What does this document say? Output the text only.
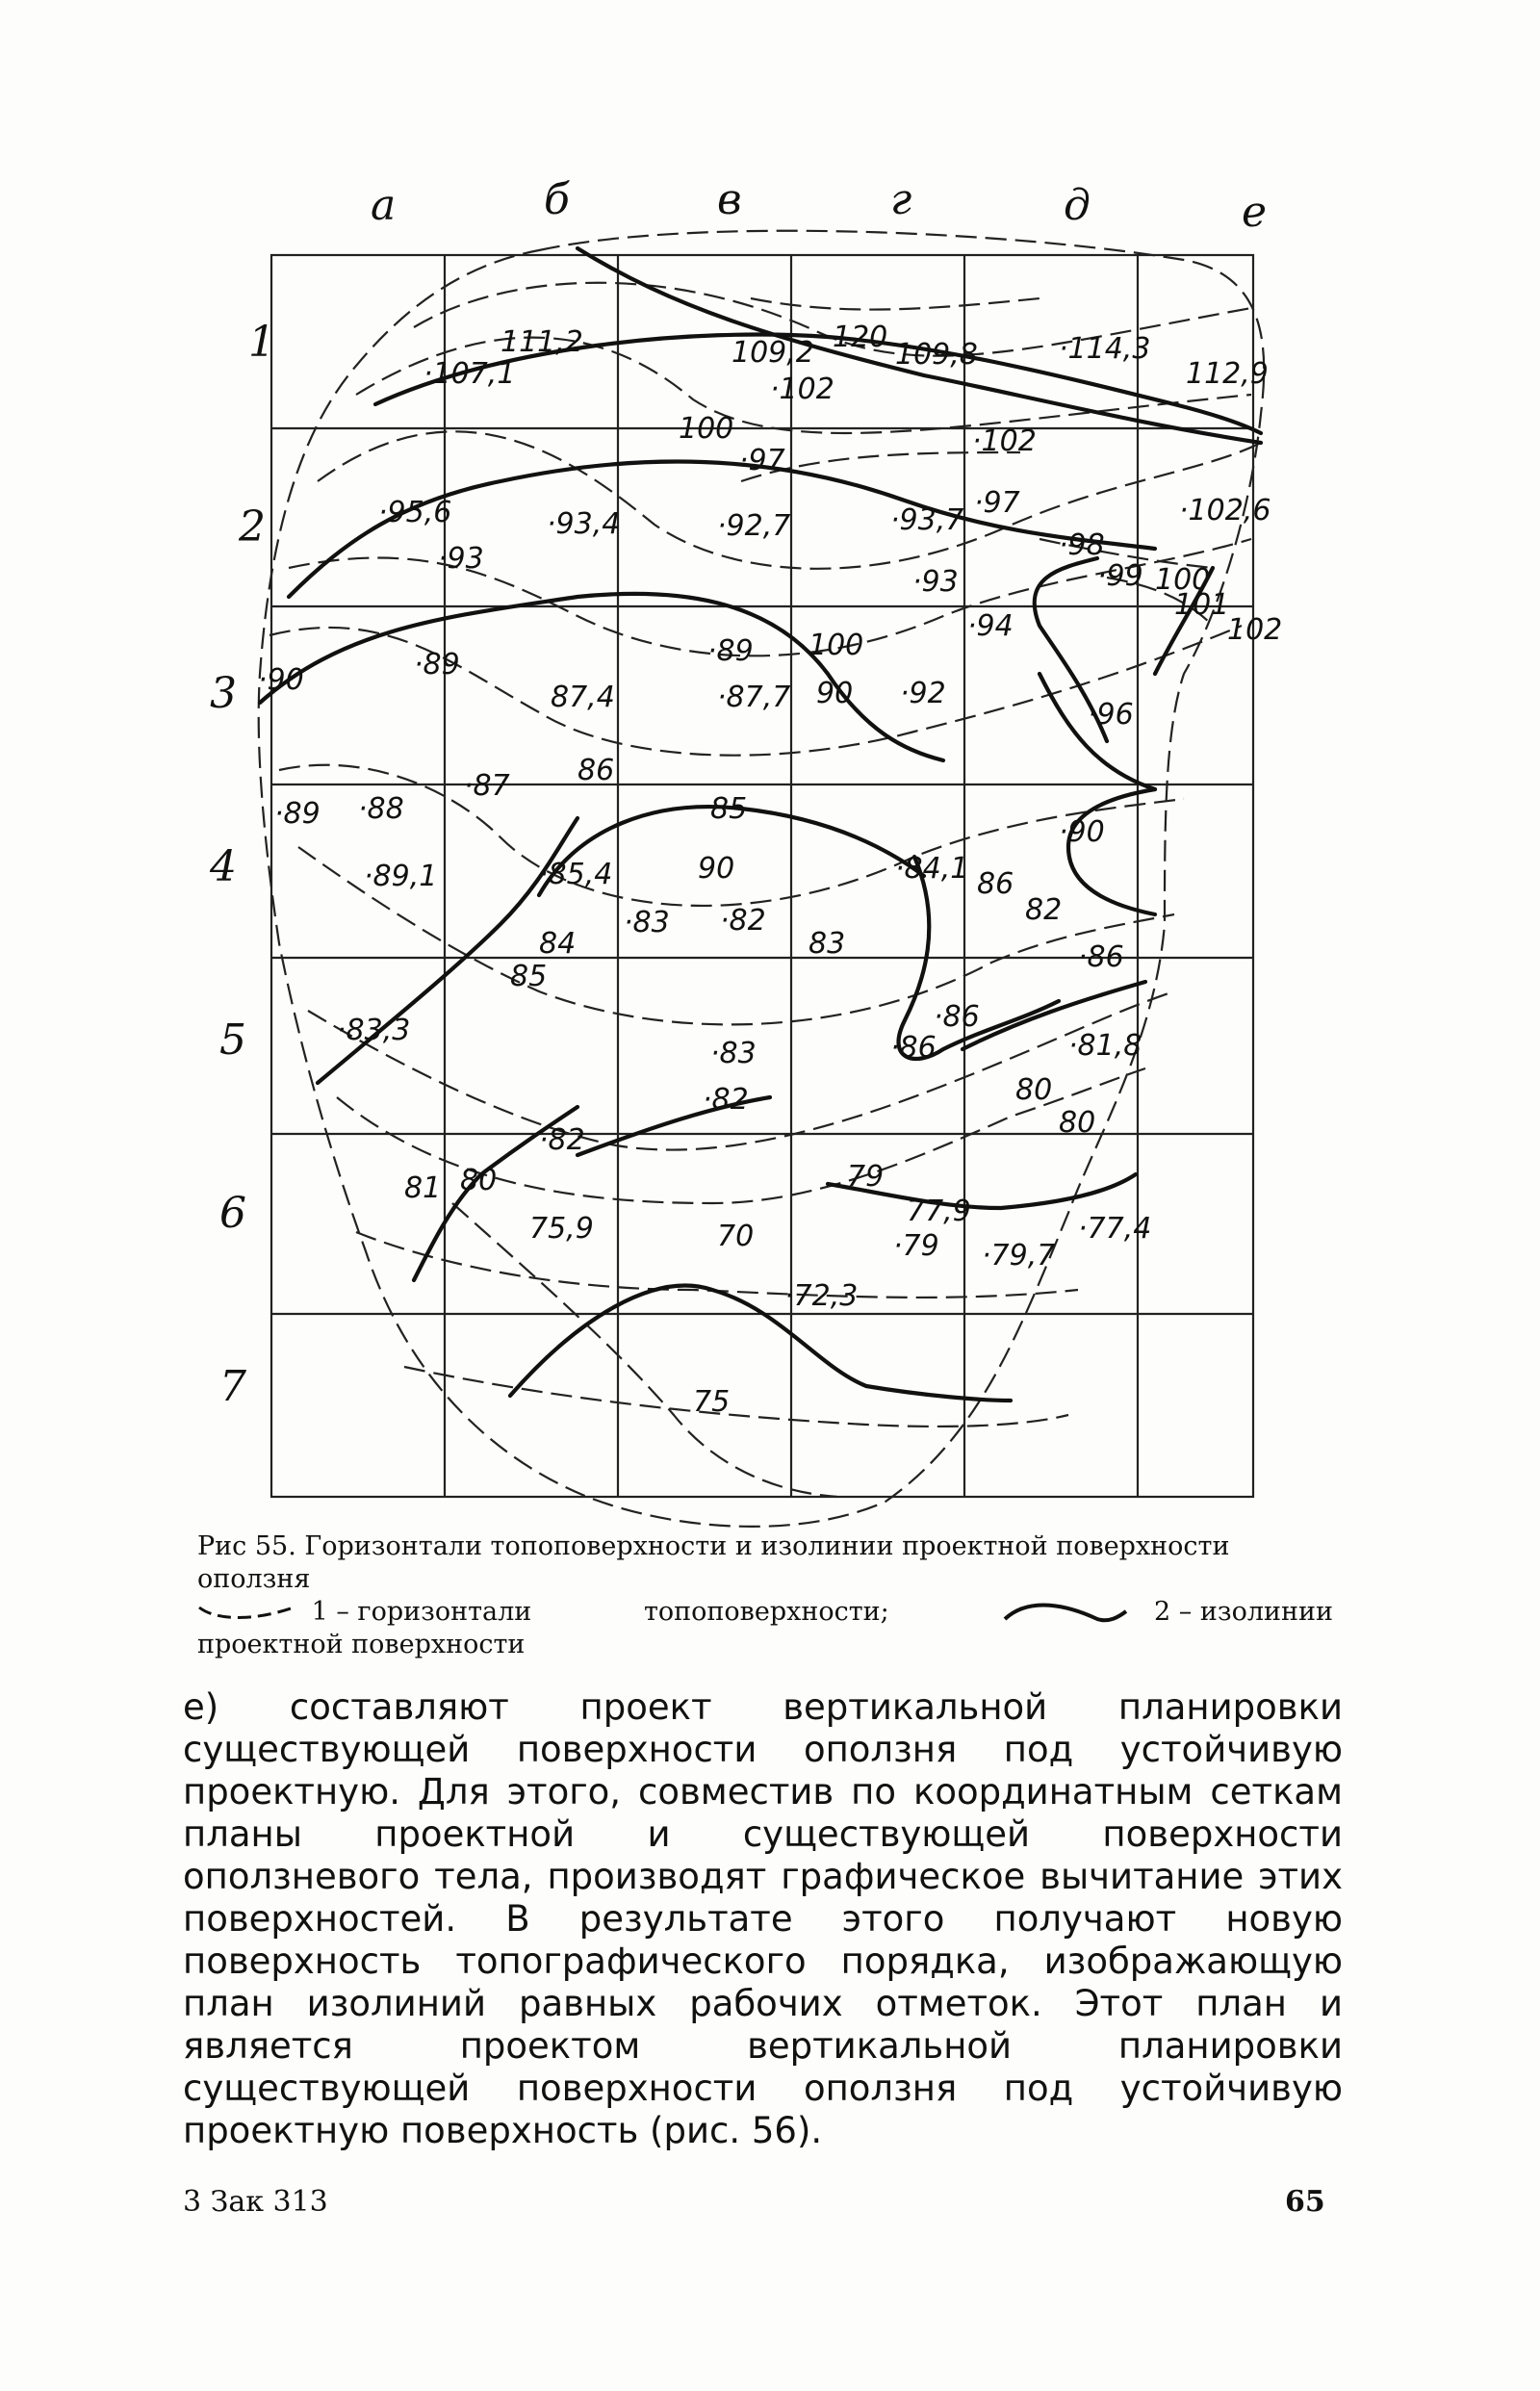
а	б	в	г	д	е
1
2
3
4
5
6
7
111,2
·107,1
109,2 120
109,8	·114,3
112,9
·102
100
·97
·102
·95,6	·93,4	·92,7	·93,7
·97	·102,6
·93	·98
·99 100
101
·93
·94	102
·90	·89
87,4
·89 100
·87,7 90 ·92
·96
·87 86
·89 ·88	85
·90
·89,1	·85,4	90	·84,1 86
82
·83 ·82
83
84
85
·86
·86
·86
·83,3	·81,8
·83
80
·82
80
·82
81 80	79
77,9
·79 ·79,7
·77,4
75,9	70
·72,3
75

Рис 55. Горизонтали топоповерхности и изолинии проектной поверхности оползня

1 – горизонтали	топоповерхности;	2 – изолинии

проектной поверхности

е) составляют проект вертикальной планировки существующей поверхности оползня под устойчивую проектную. Для этого, совместив по координатным сеткам планы проектной и существующей поверхности оползневого тела, производят графическое вычитание этих поверхностей. В результате этого получают новую поверхность топографического порядка, изображающую план изолиний равных рабочих отметок. Этот план и является проектом вертикальной планировки существующей поверхности оползня под устойчивую проектную поверхность (рис. 56).

3 Зак 313	65
